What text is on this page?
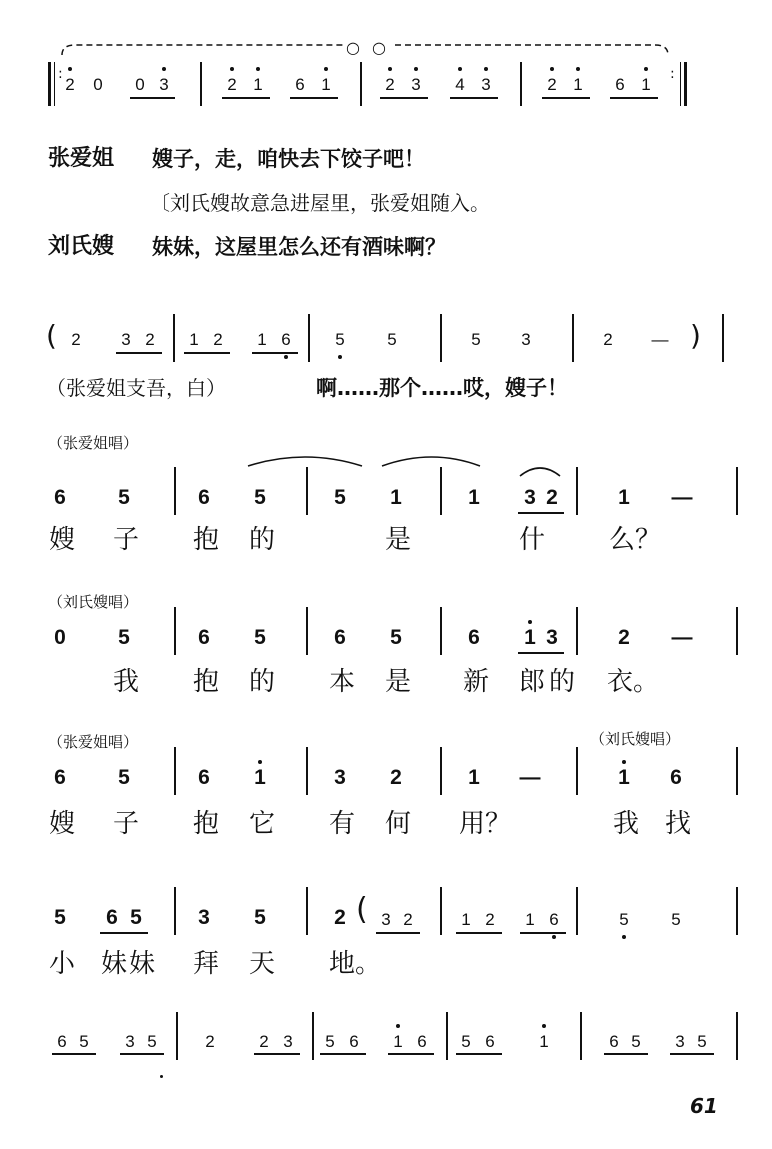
○ ○
:
2	0	0 3	2 1	6 1	2 3	4 3	2 1	6 1
:
张爱姐 嫂子，走，咱快去下饺子吧！
〔刘氏嫂故意急进屋里，张爱姐随入。
刘氏嫂 妹妹，这屋里怎么还有酒味啊？
( 2	3 2	1 2	1 6	5	5	5	3	2	— )
（张爱姐支吾，白）	啊……那个……哎，嫂子！
（张爱姐唱）
6 5	6 5	5 1	1 3 2	1 —
嫂 子 抱 的	是	什 么？
（刘氏嫂唱）
0 5	6 5	6 5	6 1 3	2 —
我 抱 的 本 是 新 郎 的 衣。
（张爱姐唱）	（刘氏嫂唱）
6 5	6 1	3 2	1 —	1 6
嫂 子 抱 它 有 何 用？	我 找
5 6 5	3 5	2 ( 3 2	1 2	1 6	5	5
小 妹 妹 拜 天 地。
6 5	3 5	2	2 3	5 6	1 6	5 6	1	6 5	3 5
61
